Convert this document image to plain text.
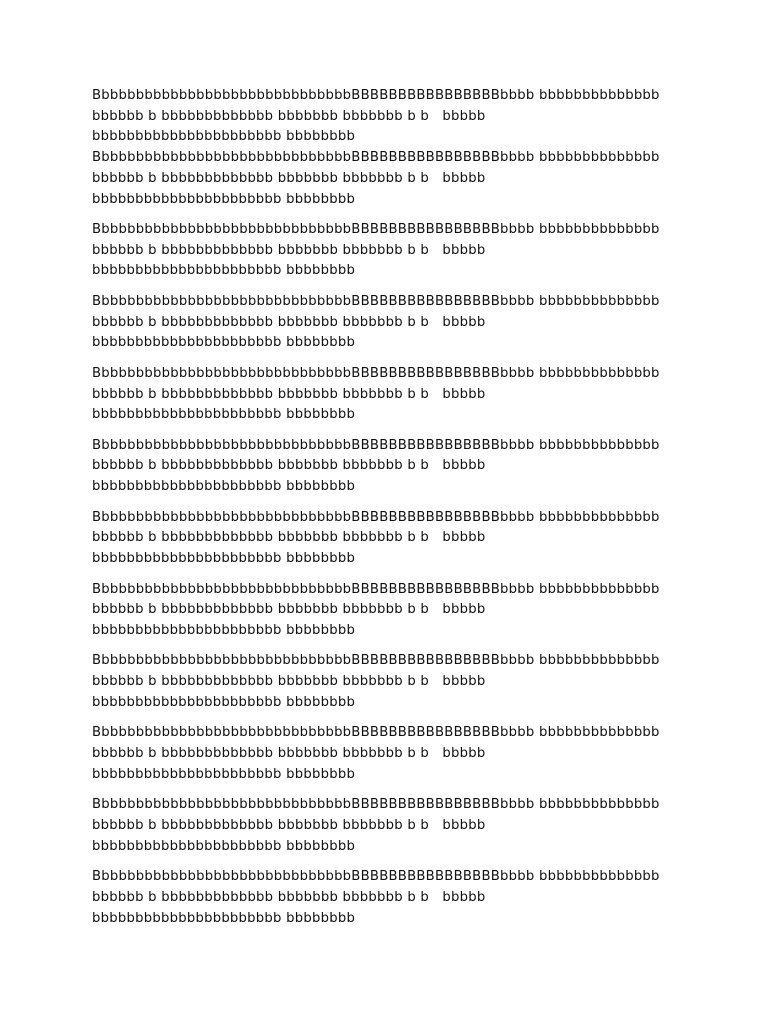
BbbbbbbbbbbbbbbbbbbbbbbbbbbbbbBBBBBBBBBBBBBBBBbbbb bbbbbbbbbbbbbb
bbbbbb b bbbbbbbbbbbbb bbbbbbb bbbbbbb b b   bbbbb
bbbbbbbbbbbbbbbbbbbbbb bbbbbbbb

BbbbbbbbbbbbbbbbbbbbbbbbbbbbbbBBBBBBBBBBBBBBBBbbbb bbbbbbbbbbbbbb
bbbbbb b bbbbbbbbbbbbb bbbbbbb bbbbbbb b b   bbbbb
bbbbbbbbbbbbbbbbbbbbbb bbbbbbbb

BbbbbbbbbbbbbbbbbbbbbbbbbbbbbbBBBBBBBBBBBBBBBBbbbb bbbbbbbbbbbbbb
bbbbbb b bbbbbbbbbbbbb bbbbbbb bbbbbbb b b   bbbbb
bbbbbbbbbbbbbbbbbbbbbb bbbbbbbb

BbbbbbbbbbbbbbbbbbbbbbbbbbbbbbBBBBBBBBBBBBBBBBbbbb bbbbbbbbbbbbbb
bbbbbb b bbbbbbbbbbbbb bbbbbbb bbbbbbb b b   bbbbb
bbbbbbbbbbbbbbbbbbbbbb bbbbbbbb

BbbbbbbbbbbbbbbbbbbbbbbbbbbbbbBBBBBBBBBBBBBBBBbbbb bbbbbbbbbbbbbb
bbbbbb b bbbbbbbbbbbbb bbbbbbb bbbbbbb b b   bbbbb
bbbbbbbbbbbbbbbbbbbbbb bbbbbbbb

BbbbbbbbbbbbbbbbbbbbbbbbbbbbbbBBBBBBBBBBBBBBBBbbbb bbbbbbbbbbbbbb
bbbbbb b bbbbbbbbbbbbb bbbbbbb bbbbbbb b b   bbbbb
bbbbbbbbbbbbbbbbbbbbbb bbbbbbbb

BbbbbbbbbbbbbbbbbbbbbbbbbbbbbbBBBBBBBBBBBBBBBBbbbb bbbbbbbbbbbbbb
bbbbbb b bbbbbbbbbbbbb bbbbbbb bbbbbbb b b   bbbbb
bbbbbbbbbbbbbbbbbbbbbb bbbbbbbb

BbbbbbbbbbbbbbbbbbbbbbbbbbbbbbBBBBBBBBBBBBBBBBbbbb bbbbbbbbbbbbbb
bbbbbb b bbbbbbbbbbbbb bbbbbbb bbbbbbb b b   bbbbb
bbbbbbbbbbbbbbbbbbbbbb bbbbbbbb

BbbbbbbbbbbbbbbbbbbbbbbbbbbbbbBBBBBBBBBBBBBBBBbbbb bbbbbbbbbbbbbb
bbbbbb b bbbbbbbbbbbbb bbbbbbb bbbbbbb b b   bbbbb
bbbbbbbbbbbbbbbbbbbbbb bbbbbbbb

BbbbbbbbbbbbbbbbbbbbbbbbbbbbbbBBBBBBBBBBBBBBBBbbbb bbbbbbbbbbbbbb
bbbbbb b bbbbbbbbbbbbb bbbbbbb bbbbbbb b b   bbbbb
bbbbbbbbbbbbbbbbbbbbbb bbbbbbbb

BbbbbbbbbbbbbbbbbbbbbbbbbbbbbbBBBBBBBBBBBBBBBBbbbb bbbbbbbbbbbbbb
bbbbbb b bbbbbbbbbbbbb bbbbbbb bbbbbbb b b   bbbbb
bbbbbbbbbbbbbbbbbbbbbb bbbbbbbb

BbbbbbbbbbbbbbbbbbbbbbbbbbbbbbBBBBBBBBBBBBBBBBbbbb bbbbbbbbbbbbbb
bbbbbb b bbbbbbbbbbbbb bbbbbbb bbbbbbb b b   bbbbb
bbbbbbbbbbbbbbbbbbbbbb bbbbbbbb
